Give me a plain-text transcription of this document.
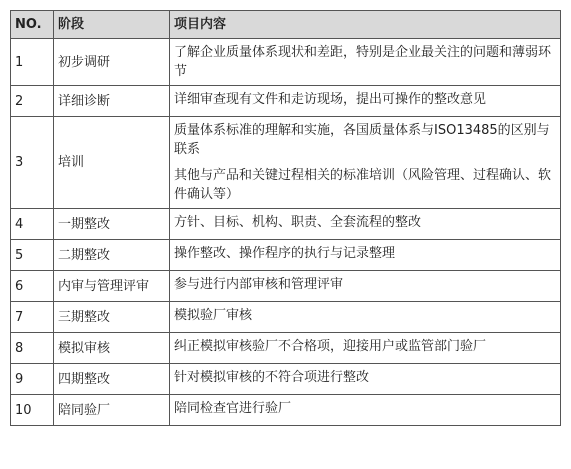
NO.	阶段	项目内容
1	初步调研	了解企业质量体系现状和差距，特别是企业最关注的问题和薄弱环节

2	详细诊断	详细审查现有文件和走访现场，提出可操作的整改意见

3	培训	质量体系标准的理解和实施，各国质量体系与ISO13485的区别与联系
其他与产品和关键过程相关的标准培训（风险管理、过程确认、软件确认等）

4	一期整改	方针、目标、机构、职责、全套流程的整改

5	二期整改	操作整改、操作程序的执行与记录整理

6	内审与管理评审	参与进行内部审核和管理评审

7	三期整改	模拟验厂审核

8	模拟审核	纠正模拟审核验厂不合格项，迎接用户或监管部门验厂

9	四期整改	针对模拟审核的不符合项进行整改

10	陪同验厂	陪同检查官进行验厂
